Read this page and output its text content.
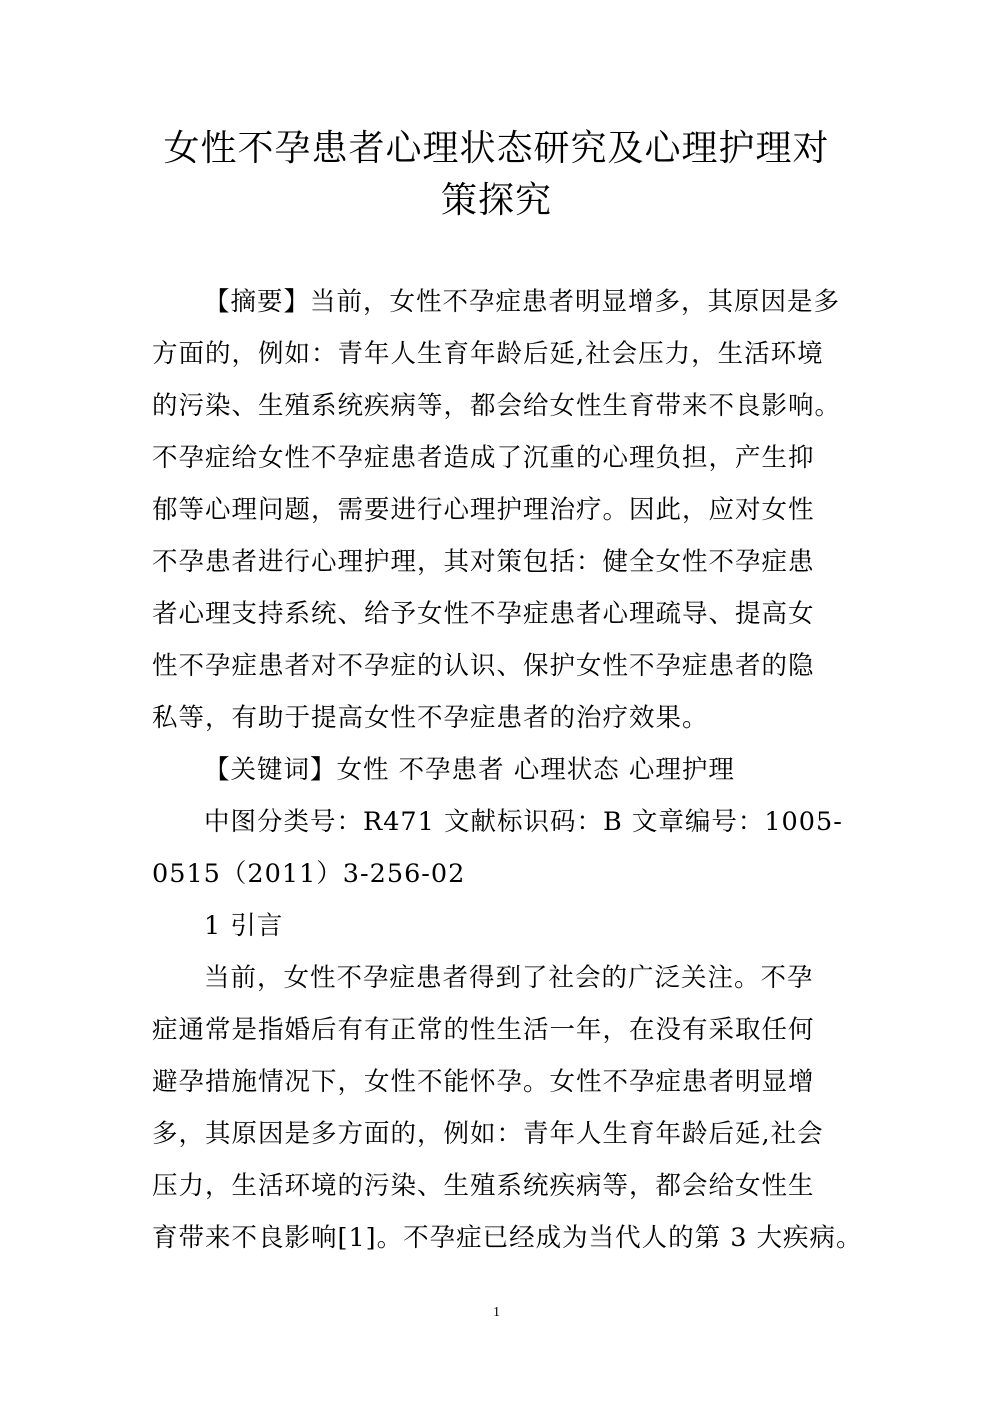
女性不孕患者心理状态研究及心理护理对
策探究
【摘要】当前，女性不孕症患者明显增多，其原因是多
方面的，例如：青年人生育年龄后延,社会压力，生活环境
的污染、生殖系统疾病等，都会给女性生育带来不良影响。
不孕症给女性不孕症患者造成了沉重的心理负担，产生抑
郁等心理问题，需要进行心理护理治疗。因此，应对女性
不孕患者进行心理护理，其对策包括：健全女性不孕症患
者心理支持系统、给予女性不孕症患者心理疏导、提高女
性不孕症患者对不孕症的认识、保护女性不孕症患者的隐
私等，有助于提高女性不孕症患者的治疗效果。
【关键词】女性 不孕患者 心理状态 心理护理
中图分类号：R471 文献标识码：B 文章编号：1005-
0515（2011）3-256-02
1 引言
当前，女性不孕症患者得到了社会的广泛关注。不孕
症通常是指婚后有有正常的性生活一年，在没有采取任何
避孕措施情况下，女性不能怀孕。女性不孕症患者明显增
多，其原因是多方面的，例如：青年人生育年龄后延,社会
压力，生活环境的污染、生殖系统疾病等，都会给女性生
育带来不良影响[1]。不孕症已经成为当代人的第 3 大疾病。
1
